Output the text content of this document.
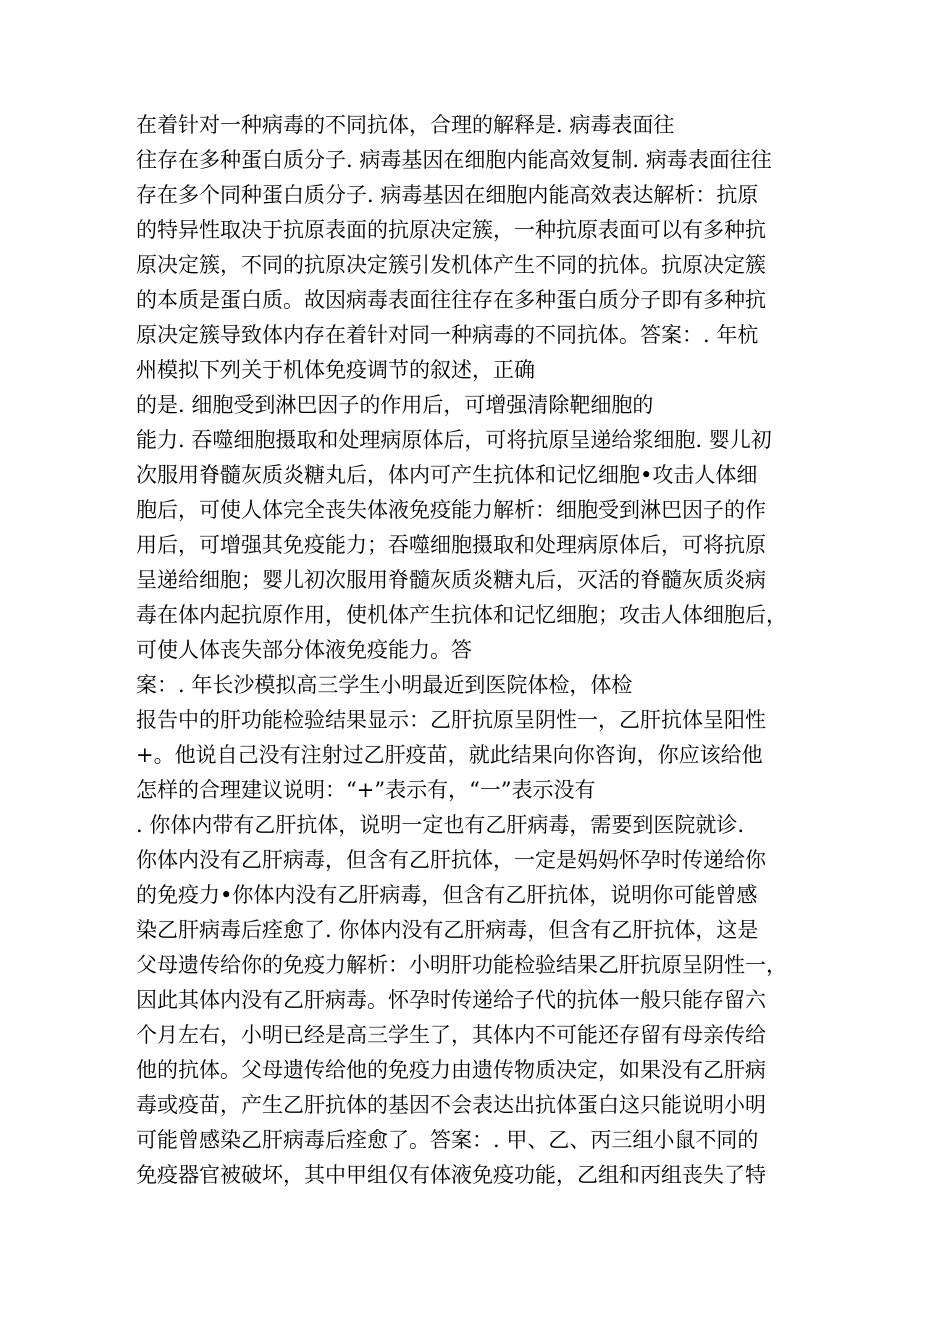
在着针对一种病毒的不同抗体，合理的解释是. 病毒表面往
往存在多种蛋白质分子. 病毒基因在细胞内能高效复制. 病毒表面往往
存在多个同种蛋白质分子. 病毒基因在细胞内能高效表达解析：抗原
的特异性取决于抗原表面的抗原决定簇，一种抗原表面可以有多种抗
原决定簇，不同的抗原决定簇引发机体产生不同的抗体。抗原决定簇
的本质是蛋白质。故因病毒表面往往存在多种蛋白质分子即有多种抗
原决定簇导致体内存在着针对同一种病毒的不同抗体。答案：. 年杭
州模拟下列关于机体免疫调节的叙述，正确
的是. 细胞受到淋巴因子的作用后，可增强清除靶细胞的
能力. 吞噬细胞摄取和处理病原体后，可将抗原呈递给浆细胞. 婴儿初
次服用脊髓灰质炎糖丸后，体内可产生抗体和记忆细胞•攻击人体细
胞后，可使人体完全丧失体液免疫能力解析：细胞受到淋巴因子的作
用后，可增强其免疫能力；吞噬细胞摄取和处理病原体后，可将抗原
呈递给细胞；婴儿初次服用脊髓灰质炎糖丸后，灭活的脊髓灰质炎病
毒在体内起抗原作用，使机体产生抗体和记忆细胞；攻击人体细胞后，
可使人体丧失部分体液免疫能力。答
案：. 年长沙模拟高三学生小明最近到医院体检，体检
报告中的肝功能检验结果显示：乙肝抗原呈阴性一，乙肝抗体呈阳性
+。他说自己没有注射过乙肝疫苗，就此结果向你咨询，你应该给他
怎样的合理建议说明：“+”表示有，“一”表示没有
. 你体内带有乙肝抗体，说明一定也有乙肝病毒，需要到医院就诊.
你体内没有乙肝病毒，但含有乙肝抗体，一定是妈妈怀孕时传递给你
的免疫力•你体内没有乙肝病毒，但含有乙肝抗体，说明你可能曾感
染乙肝病毒后痊愈了. 你体内没有乙肝病毒，但含有乙肝抗体，这是
父母遗传给你的免疫力解析：小明肝功能检验结果乙肝抗原呈阴性一，
因此其体内没有乙肝病毒。怀孕时传递给子代的抗体一般只能存留六
个月左右，小明已经是高三学生了，其体内不可能还存留有母亲传给
他的抗体。父母遗传给他的免疫力由遗传物质决定，如果没有乙肝病
毒或疫苗，产生乙肝抗体的基因不会表达出抗体蛋白这只能说明小明
可能曾感染乙肝病毒后痊愈了。答案：. 甲、乙、丙三组小鼠不同的
免疫器官被破坏，其中甲组仅有体液免疫功能，乙组和丙组丧失了特
